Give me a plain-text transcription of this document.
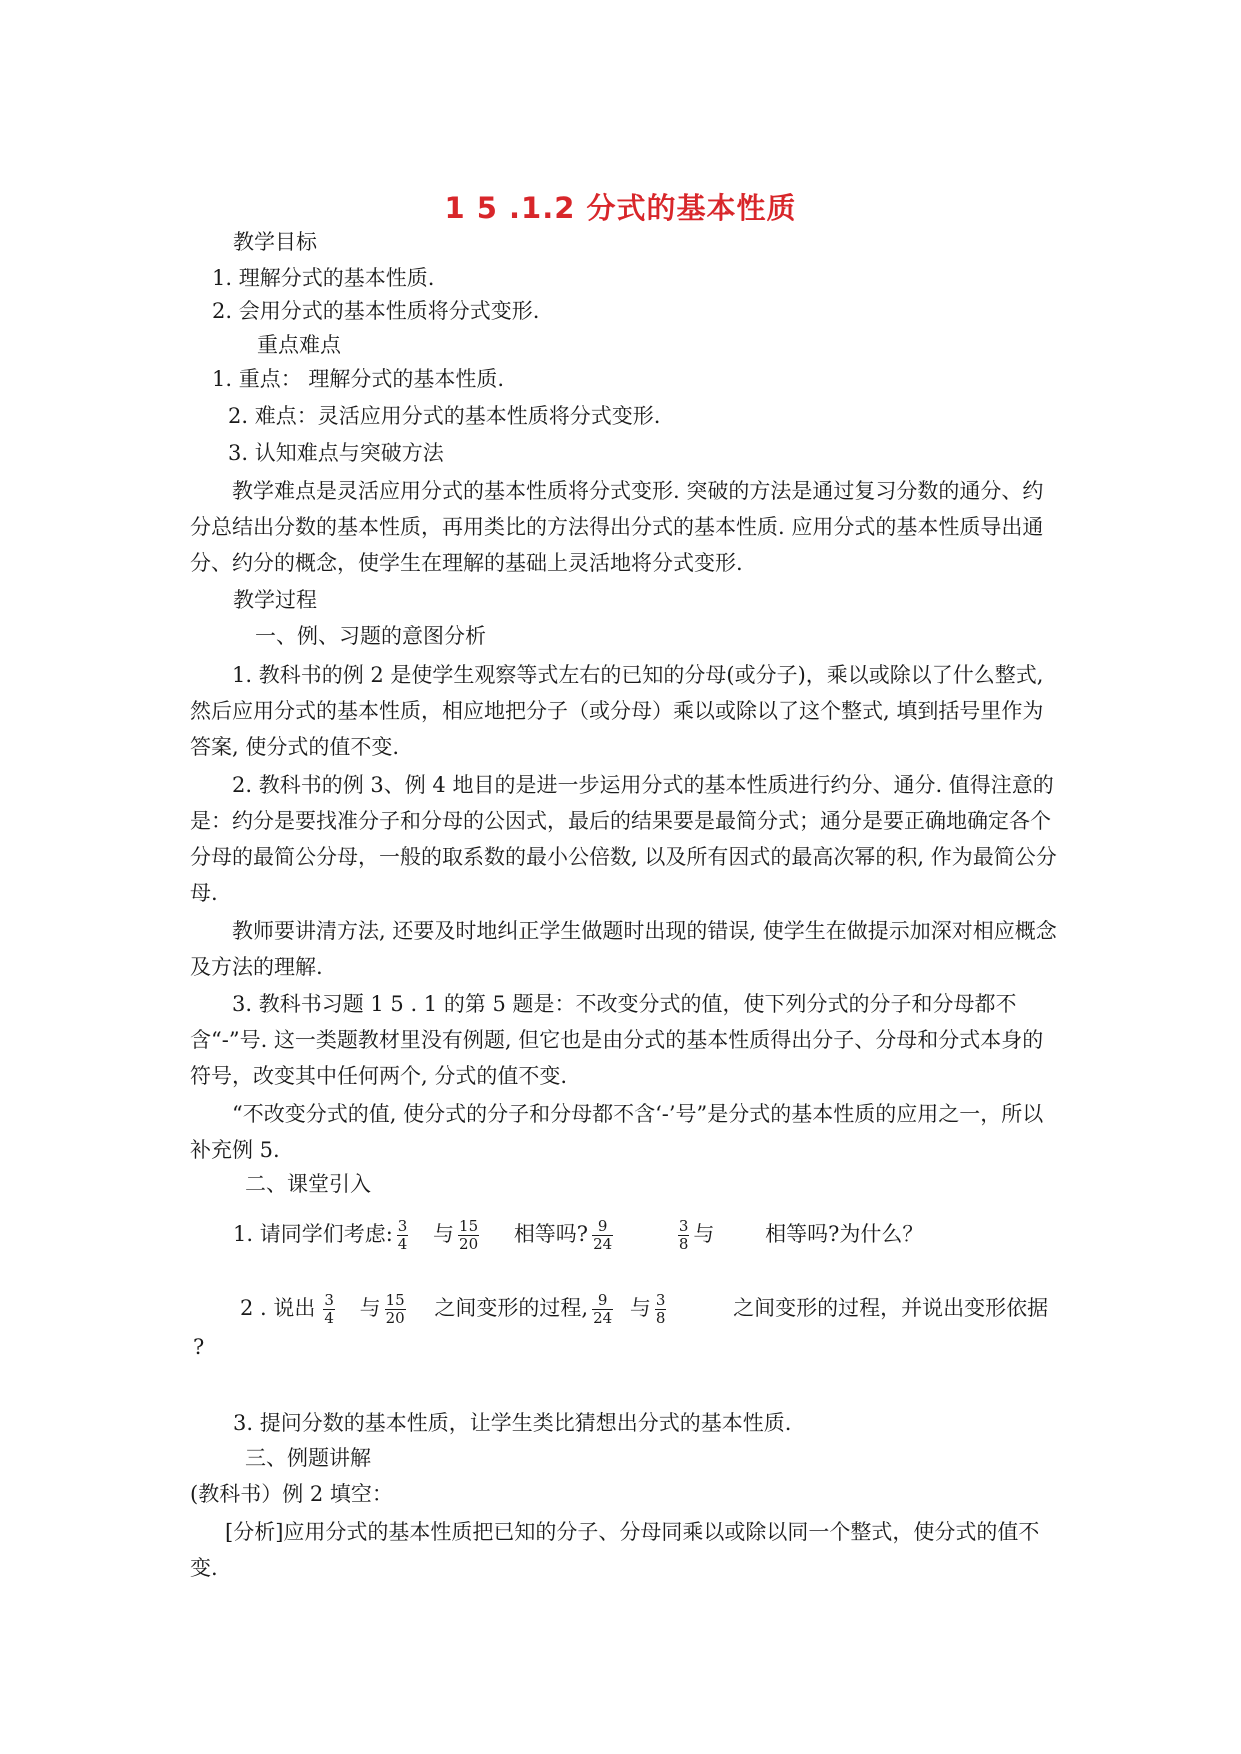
1 5 .1.2 分式的基本性质
教学目标
1. 理解分式的基本性质.
2. 会用分式的基本性质将分式变形.
重点难点
1. 重点： 理解分式的基本性质.
2. 难点：灵活应用分式的基本性质将分式变形.
3. 认知难点与突破方法

教学难点是灵活应用分式的基本性质将分式变形. 突破的方法是通过复习分数的通分、约分总结出分数的基本性质，再用类比的方法得出分式的基本性质. 应用分式的基本性质导出通分、约分的概念，使学生在理解的基础上灵活地将分式变形.

教学过程
一、例、习题的意图分析

1. 教科书的例 2 是使学生观察等式左右的已知的分母(或分子)，乘以或除以了什么整式, 然后应用分式的基本性质，相应地把分子（或分母）乘以或除以了这个整式, 填到括号里作为答案, 使分式的值不变.

2. 教科书的例 3、例 4 地目的是进一步运用分式的基本性质进行约分、通分. 值得注意的是：约分是要找准分子和分母的公因式，最后的结果要是最简分式；通分是要正确地确定各个分母的最简公分母，一般的取系数的最小公倍数, 以及所有因式的最高次幂的积, 作为最简公分母.

教师要讲清方法, 还要及时地纠正学生做题时出现的错误, 使学生在做提示加深对相应概念及方法的理解.

3. 教科书习题 1 5 . 1 的第 5 题是：不改变分式的值，使下列分式的分子和分母都不含“-”号. 这一类题教材里没有例题, 但它也是由分式的基本性质得出分子、分母和分式本身的符号，改变其中任何两个, 分式的值不变.

“不改变分式的值, 使分式的分子和分母都不含‘-’号”是分式的基本性质的应用之一，所以补充例 5.

二、课堂引入
1. 请同学们考虑: $\frac{3}{4}$ 与 $\frac{15}{20}$ 相等吗? $\frac{9}{24}$
	$\frac{3}{8}$ 与 相等吗?为什么？
2 . 说出 $\frac{3}{4}$ 与 $\frac{15}{20}$ 之间变形的过程, $\frac{9}{24}$ 与 $\frac{3}{8}$	之间变形的过程，并说出变形依据
?
3. 提问分数的基本性质，让学生类比猜想出分式的基本性质.
三、例题讲解
(教科书）例 2 填空：

[分析]应用分式的基本性质把已知的分子、分母同乘以或除以同一个整式，使分式的值不变.
